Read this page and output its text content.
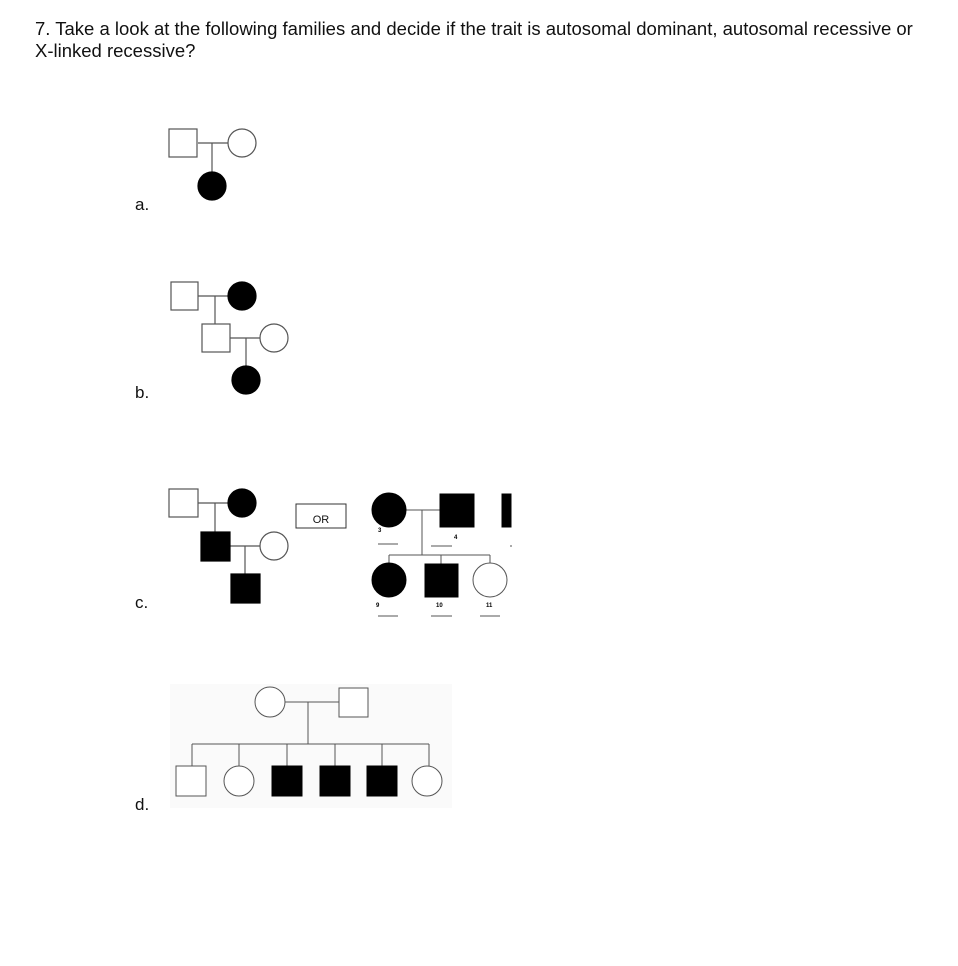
7. Take a look at the following families and decide if the trait is autosomal dominant, autosomal recessive or X-linked recessive?

a.
b.
c.
d.
OR
3
4
9	10	11
